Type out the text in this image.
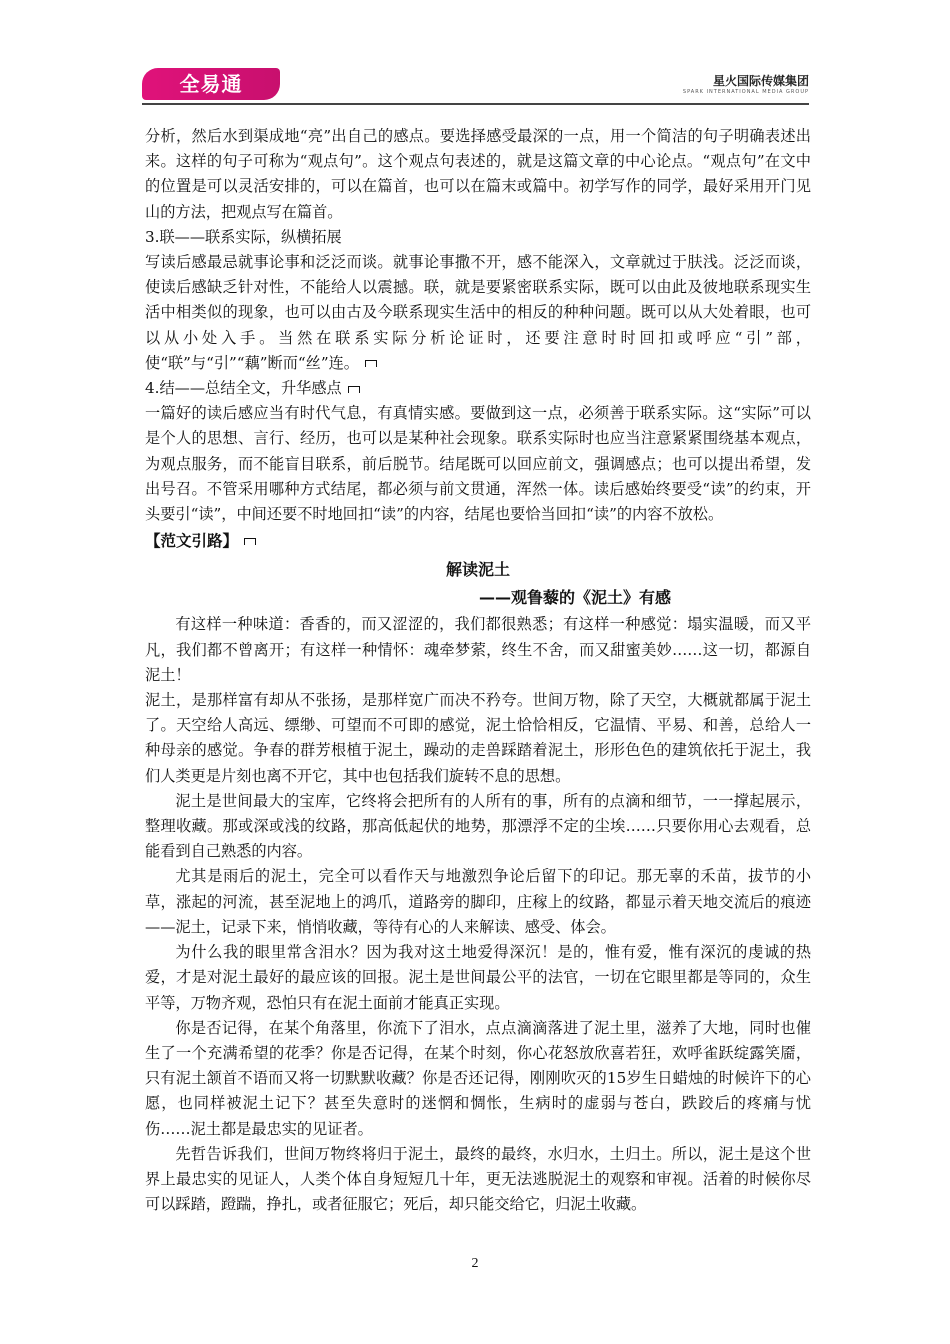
全易通	星火国际传媒集团
SPARK INTERNATIONAL MEDIA GROUP

分析，然后水到渠成地“亮”出自己的感点。要选择感受最深的一点，用一个简洁的句子明确表述出来。这样的句子可称为“观点句”。这个观点句表述的，就是这篇文章的中心论点。“观点句”在文中的位置是可以灵活安排的，可以在篇首，也可以在篇末或篇中。初学写作的同学，最好采用开门见山的方法，把观点写在篇首。

3.联——联系实际，纵横拓展

写读后感最忌就事论事和泛泛而谈。就事论事撒不开，感不能深入，文章就过于肤浅。泛泛而谈，使读后感缺乏针对性，不能给人以震撼。联，就是要紧密联系实际，既可以由此及彼地联系现实生活中相类似的现象，也可以由古及今联系现实生活中的相反的种种问题。既可以从大处着眼，也可以从小处入手。当然在联系实际分析论证时，还要注意时时回扣或呼应“引”部，使“联”与“引”“藕”断而“丝”连。

4.结——总结全文，升华感点

一篇好的读后感应当有时代气息，有真情实感。要做到这一点，必须善于联系实际。这“实际”可以是个人的思想、言行、经历，也可以是某种社会现象。联系实际时也应当注意紧紧围绕基本观点，为观点服务，而不能盲目联系，前后脱节。结尾既可以回应前文，强调感点；也可以提出希望，发出号召。不管采用哪种方式结尾，都必须与前文贯通，浑然一体。读后感始终要受“读”的约束，开头要引“读”，中间还要不时地回扣“读”的内容，结尾也要恰当回扣“读”的内容不放松。

【范文引路】

解读泥土

——观鲁藜的《泥土》有感

有这样一种味道：香香的，而又涩涩的，我们都很熟悉；有这样一种感觉：塌实温暖，而又平凡，我们都不曾离开；有这样一种情怀：魂牵梦萦，终生不舍，而又甜蜜美妙……这一切，都源自泥土！

泥土，是那样富有却从不张扬，是那样宽广而决不矜夸。世间万物，除了天空，大概就都属于泥土了。天空给人高远、缥缈、可望而不可即的感觉，泥土恰恰相反，它温情、平易、和善，总给人一种母亲的感觉。争春的群芳根植于泥土，躁动的走兽踩踏着泥土，形形色色的建筑依托于泥土，我们人类更是片刻也离不开它，其中也包括我们旋转不息的思想。

泥土是世间最大的宝库，它终将会把所有的人所有的事，所有的点滴和细节，一一撑起展示，整理收藏。那或深或浅的纹路，那高低起伏的地势，那漂浮不定的尘埃……只要你用心去观看，总能看到自己熟悉的内容。

尤其是雨后的泥土，完全可以看作天与地激烈争论后留下的印记。那无辜的禾苗，拔节的小草，涨起的河流，甚至泥地上的鸿爪，道路旁的脚印，庄稼上的纹路，都显示着天地交流后的痕迹——泥土，记录下来，悄悄收藏，等待有心的人来解读、感受、体会。

为什么我的眼里常含泪水？因为我对这土地爱得深沉！是的，惟有爱，惟有深沉的虔诚的热爱，才是对泥土最好的最应该的回报。泥土是世间最公平的法官，一切在它眼里都是等同的，众生平等，万物齐观，恐怕只有在泥土面前才能真正实现。

你是否记得，在某个角落里，你流下了泪水，点点滴滴落进了泥土里，滋养了大地，同时也催生了一个充满希望的花季？你是否记得，在某个时刻，你心花怒放欣喜若狂，欢呼雀跃绽露笑靥，只有泥土颔首不语而又将一切默默收藏？你是否还记得，刚刚吹灭的15岁生日蜡烛的时候许下的心愿，也同样被泥土记下？甚至失意时的迷惘和惆怅，生病时的虚弱与苍白，跌跤后的疼痛与忧伤……泥土都是最忠实的见证者。

先哲告诉我们，世间万物终将归于泥土，最终的最终，水归水，土归土。所以，泥土是这个世界上最忠实的见证人，人类个体自身短短几十年，更无法逃脱泥土的观察和审视。活着的时候你尽可以踩踏，蹬踹，挣扎，或者征服它；死后，却只能交给它，归泥土收藏。

2
